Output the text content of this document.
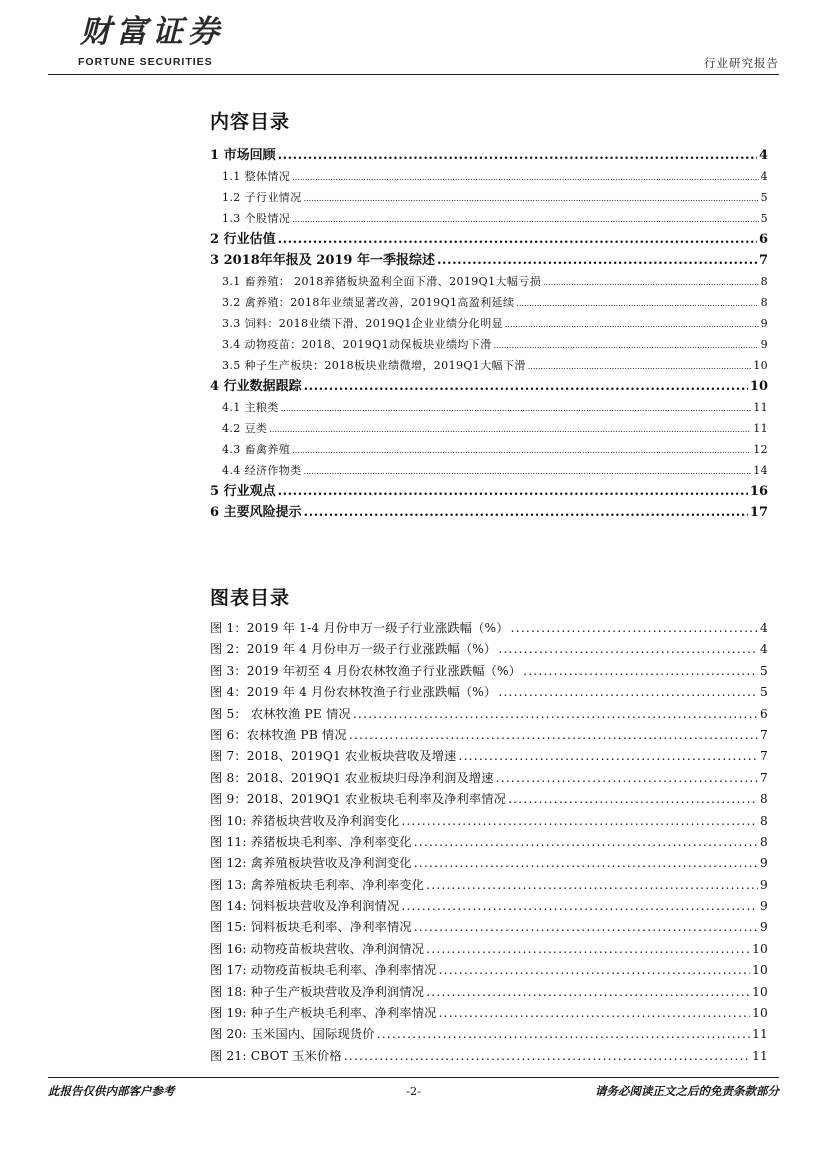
财富证券
FORTUNE SECURITIES	行业研究报告
内容目录
1 市场回顾 .....	4
1.1 整体情况 .....	4
1.2 子行业情况 .....	5
1.3 个股情况 .....	5
2 行业估值 .....	6
3 2018年年报及 2019 年一季报综述 .....	7
3.1 畜养殖： 2018养猪板块盈利全面下滑、2019Q1大幅亏损 .....	8
3.2 禽养殖：2018年业绩显著改善，2019Q1高盈利延续 .....	8
3.3 饲料：2018业绩下滑、2019Q1企业业绩分化明显 .....	9
3.4 动物疫苗：2018、2019Q1动保板块业绩均下滑 .....	9
3.5 种子生产板块：2018板块业绩微增，2019Q1大幅下滑 .....	10
4 行业数据跟踪 .....	10
4.1 主粮类 .....	11
4.2 豆类 .....	11
4.3 畜禽养殖 .....	12
4.4 经济作物类 .....	14
5 行业观点 .....	16
6 主要风险提示 .....	17
图表目录
图 1：2019 年 1-4 月份申万一级子行业涨跌幅（%） .....	4
图 2：2019 年 4 月份申万一级子行业涨跌幅（%） .....	4
图 3：2019 年初至 4 月份农林牧渔子行业涨跌幅（%） .....	5
图 4：2019 年 4 月份农林牧渔子行业涨跌幅（%） .....	5
图 5： 农林牧渔 PE 情况 .....	6
图 6：农林牧渔 PB 情况 .....	7
图 7：2018、2019Q1 农业板块营收及增速 .....	7
图 8：2018、2019Q1 农业板块归母净利润及增速 .....	7
图 9：2018、2019Q1 农业板块毛利率及净利率情况 .....	8
图 10: 养猪板块营收及净利润变化 .....	8
图 11: 养猪板块毛利率、净利率变化 .....	8
图 12: 禽养殖板块营收及净利润变化 .....	9
图 13: 禽养殖板块毛利率、净利率变化 .....	9
图 14: 饲料板块营收及净利润情况 .....	9
图 15: 饲料板块毛利率、净利率情况 .....	9
图 16: 动物疫苗板块营收、净利润情况 .....	10
图 17: 动物疫苗板块毛利率、净利率情况 .....	10
图 18: 种子生产板块营收及净利润情况 .....	10
图 19: 种子生产板块毛利率、净利率情况 .....	10
图 20: 玉米国内、国际现货价 .....	11
图 21: CBOT 玉米价格 .....	11
此报告仅供内部客户参考	-2-	请务必阅读正文之后的免责条款部分
